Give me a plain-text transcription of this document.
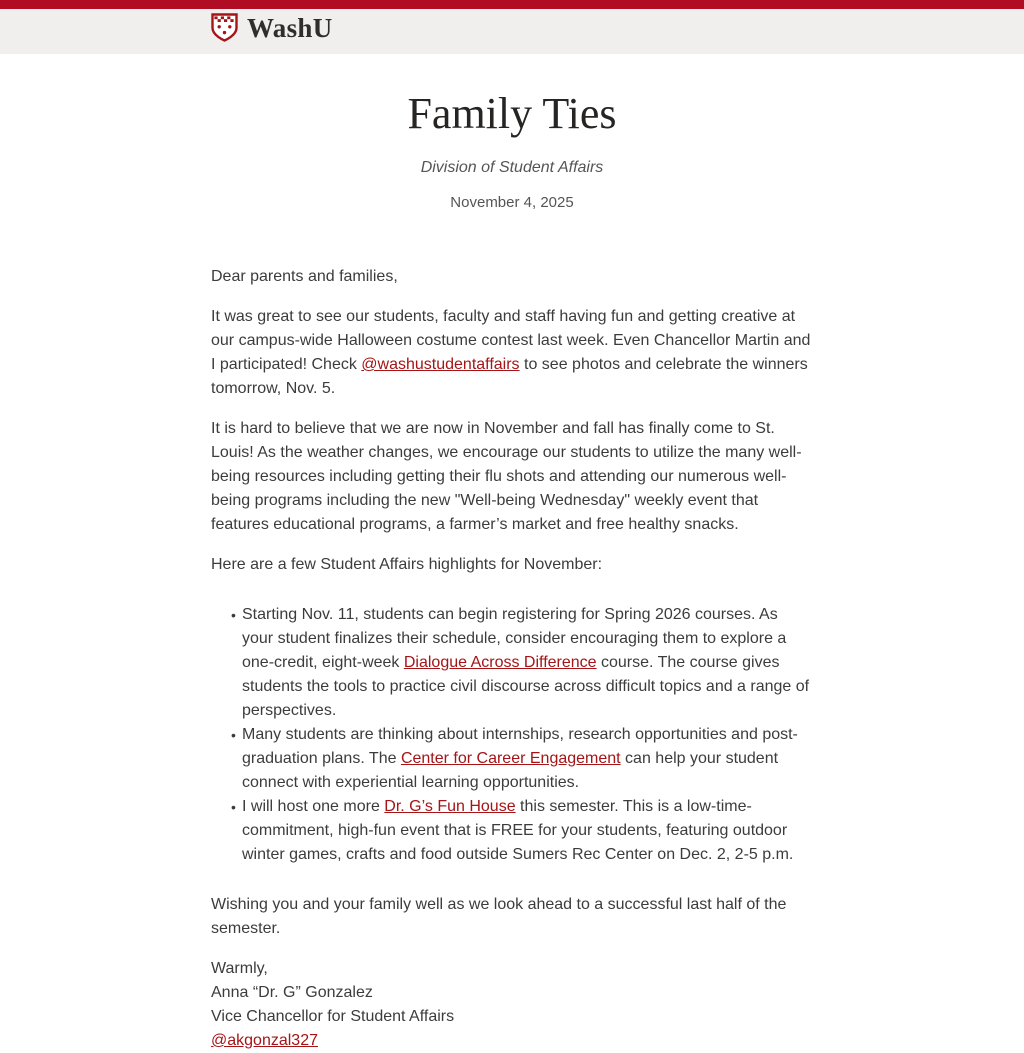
WashU
Family Ties

Division of Student Affairs

November 4, 2025

Dear parents and families,

It was great to see our students, faculty and staff having fun and getting creative at our campus-wide Halloween costume contest last week. Even Chancellor Martin and I participated! Check @washustudentaffairs to see photos and celebrate the winners tomorrow, Nov. 5.

It is hard to believe that we are now in November and fall has finally come to St. Louis! As the weather changes, we encourage our students to utilize the many well-being resources including getting their flu shots and attending our numerous well-being programs including the new "Well-being Wednesday" weekly event that features educational programs, a farmer’s market and free healthy snacks.

Here are a few Student Affairs highlights for November:

• Starting Nov. 11, students can begin registering for Spring 2026 courses. As your student finalizes their schedule, consider encouraging them to explore a one-credit, eight-week Dialogue Across Difference course. The course gives students the tools to practice civil discourse across difficult topics and a range of perspectives.
• Many students are thinking about internships, research opportunities and post-graduation plans. The Center for Career Engagement can help your student connect with experiential learning opportunities.
• I will host one more Dr. G’s Fun House this semester. This is a low-time-commitment, high-fun event that is FREE for your students, featuring outdoor winter games, crafts and food outside Sumers Rec Center on Dec. 2, 2-5 p.m.

Wishing you and your family well as we look ahead to a successful last half of the semester.

Warmly,
Anna “Dr. G” Gonzalez
Vice Chancellor for Student Affairs
@akgonzal327
